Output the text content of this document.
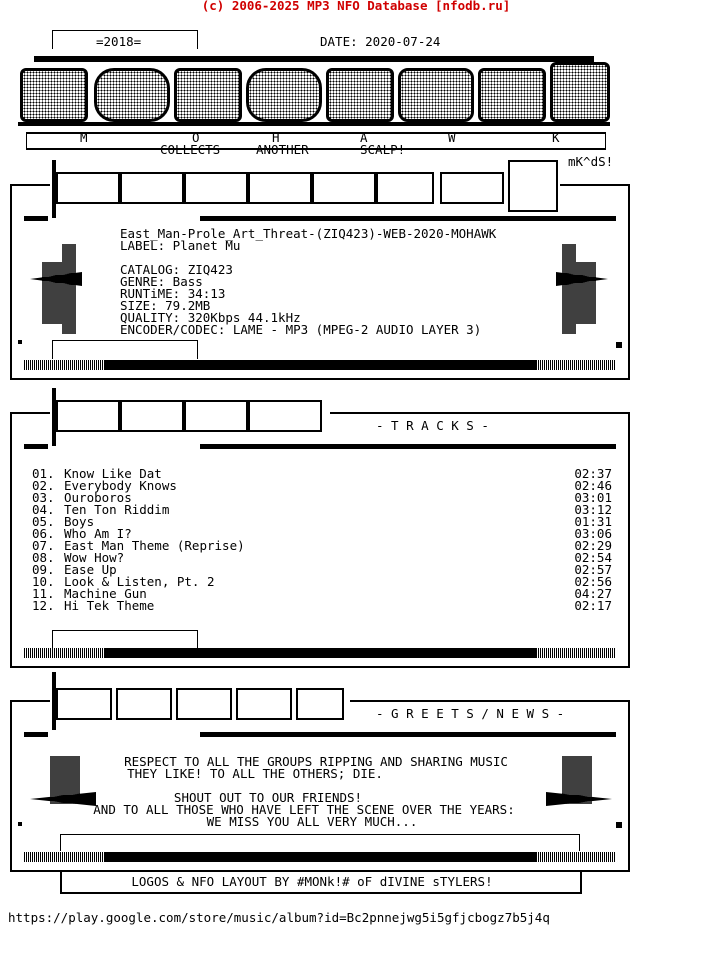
(c) 2006-2025 MP3 NFO Database [nfodb.ru]
=2018=	DATE: 2020-07-24
M	O	H	A	W	K
COLLECTS	ANOTHER	SCALP!
mK^dS!
East_Man-Prole_Art_Threat-(ZIQ423)-WEB-2020-MOHAWK
LABEL: Planet Mu
CATALOG: ZIQ423
GENRE: Bass
RUNTiME: 34:13
SIZE: 79.2MB
QUALITY: 320Kbps 44.1kHz
ENCODER/CODEC: LAME - MP3 (MPEG-2 AUDIO LAYER 3)
- T R A C K S -
- G R E E T S / N E W S -
RESPECT TO ALL THE GROUPS RIPPING AND SHARING MUSIC
THEY LIKE! TO ALL THE OTHERS; DIE.
SHOUT OUT TO OUR FRIENDS!
AND TO ALL THOSE WHO HAVE LEFT THE SCENE OVER THE YEARS:
WE MISS YOU ALL VERY MUCH...
LOGOS & NFO LAYOUT BY #MONk!# oF dIVINE sTYLERS!
https://play.google.com/store/music/album?id=Bc2pnnejwg5i5gfjcbogz7b5j4q
01. Know Like Dat	02:37
02. Everybody Knows	02:46
03. Ouroboros	03:01
04. Ten Ton Riddim	03:12
05. Boys	01:31
06. Who Am I?	03:06
07. East Man Theme (Reprise)	02:29
08. Wow How?	02:54
09. Ease Up	02:57
10. Look & Listen, Pt. 2	02:56
11. Machine Gun	04:27
12. Hi Tek Theme	02:17
